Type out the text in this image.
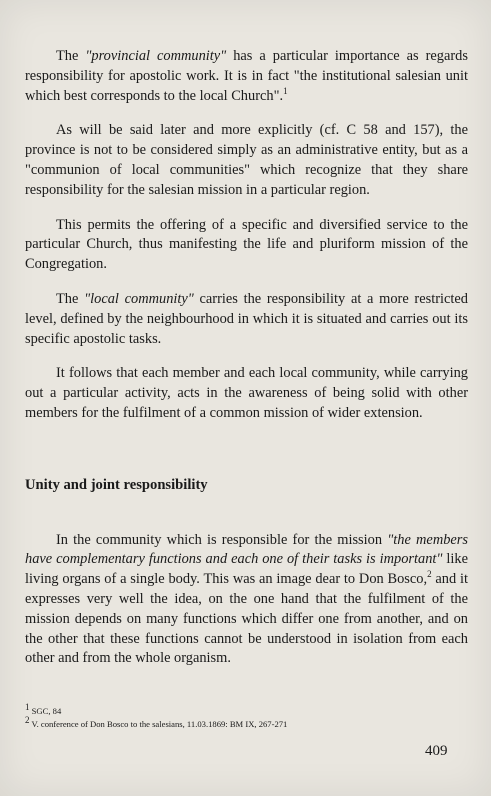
The "provincial community" has a particular importance as regards responsibility for apostolic work. It is in fact "the institutional salesian unit which best corresponds to the local Church".$^1$

As will be said later and more explicitly (cf. C 58 and 157), the province is not to be considered simply as an administrative entity, but as a "communion of local communities" which recognize that they share responsibility for the salesian mission in a particular region.

This permits the offering of a specific and diversified service to the particular Church, thus manifesting the life and pluriform mission of the Congregation.

The "local community" carries the responsibility at a more restricted level, defined by the neighbourhood in which it is situated and carries out its specific apostolic tasks.

It follows that each member and each local community, while carrying out a particular activity, acts in the awareness of being solid with other members for the fulfilment of a common mission of wider extension.

Unity and joint responsibility

In the community which is responsible for the mission "the members have complementary functions and each one of their tasks is important" like living organs of a single body. This was an image dear to Don Bosco,$^2$ and it expresses very well the idea, on the one hand that the fulfilment of the mission depends on many functions which differ one from another, and on the other that these functions cannot be understood in isolation from each other and from the whole organism.

$^1$ SGC, 84
$^2$ V. conference of Don Bosco to the salesians, 11.03.1869: BM IX, 267-271
409
